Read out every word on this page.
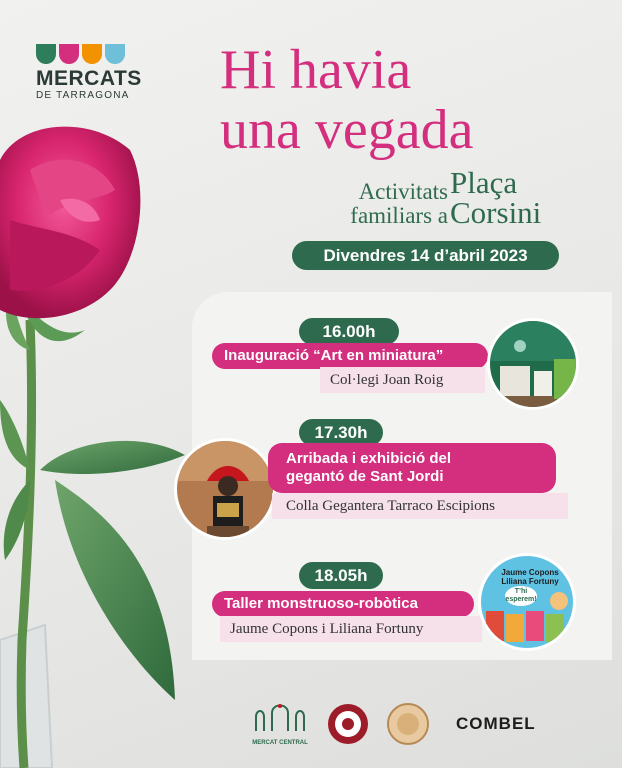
MERCATS
DE TARRAGONA Hi havia
una vegada
Activitats
familiars a
Plaça
Corsini
Divendres 14 d’abril 2023
16.00h
Inauguració “Art en miniatura”
Col·legi Joan Roig
17.30h
Arribada i exhibició del
gegantó de Sant Jordi
Colla Gegantera Tarraco Escipions
18.05h
Taller monstruoso-robòtica
Jaume Copons i Liliana Fortuny
Jaume Copons
Liliana Fortuny
T’hi
esperem!
MERCAT CENTRAL
COMBEL
